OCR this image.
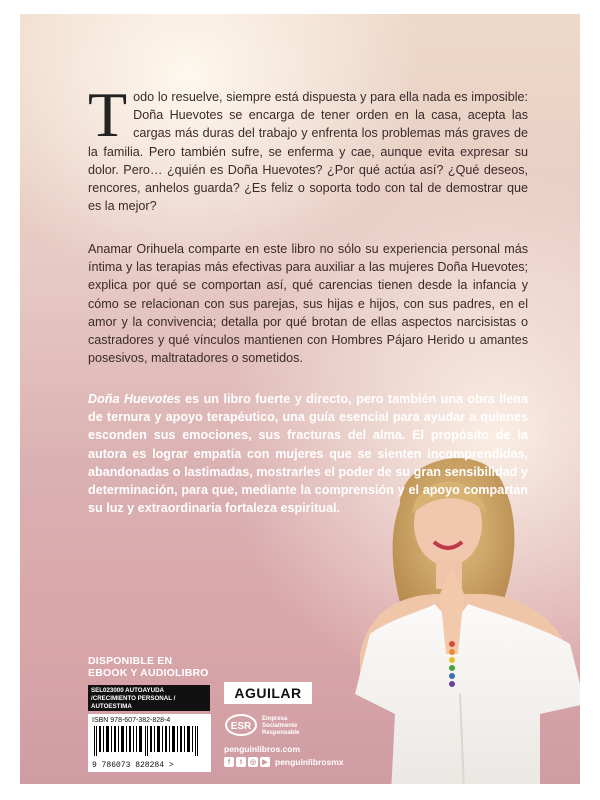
Todo lo resuelve, siempre está dispuesta y para ella nada es imposible: Doña Huevotes se encarga de tener orden en la casa, acepta las cargas más duras del trabajo y enfrenta los problemas más graves de la familia. Pero también sufre, se enferma y cae, aunque evita expresar su dolor. Pero… ¿quién es Doña Huevotes? ¿Por qué actúa así? ¿Qué deseos, rencores, anhelos guarda? ¿Es feliz o soporta todo con tal de demostrar que es la mejor?

Anamar Orihuela comparte en este libro no sólo su experiencia personal más íntima y las terapias más efectivas para auxiliar a las mujeres Doña Huevotes; explica por qué se comportan así, qué carencias tienen desde la infancia y cómo se relacionan con sus parejas, sus hijas e hijos, con sus padres, en el amor y la convivencia; detalla por qué brotan de ellas aspectos narcisistas o castradores y qué vínculos mantienen con Hombres Pájaro Herido u amantes posesivos, maltratadores o sometidos.

Doña Huevotes es un libro fuerte y directo, pero también una obra llena de ternura y apoyo terapéutico, una guía esencial para ayudar a quienes esconden sus emociones, sus fracturas del alma. El propósito de la autora es lograr empatía con mujeres que se sienten incomprendidas, abandonadas o lastimadas, mostrarles el poder de su gran sensibilidad y determinación, para que, mediante la comprensión y el apoyo compartan su luz y extraordinaria fortaleza espiritual.

DISPONIBLE EN
EBOOK Y AUDIOLIBRO
SEL023000 AUTOAYUDA /CRECIMIENTO PERSONAL / AUTOESTIMA
ISBN 978-607-382-828-4
9 786073 828284 >
AGUILAR
ESR
Empresa Socialmente Responsable
penguinlibros.com
f	t	◎ ▶ penguinlibrosmx
